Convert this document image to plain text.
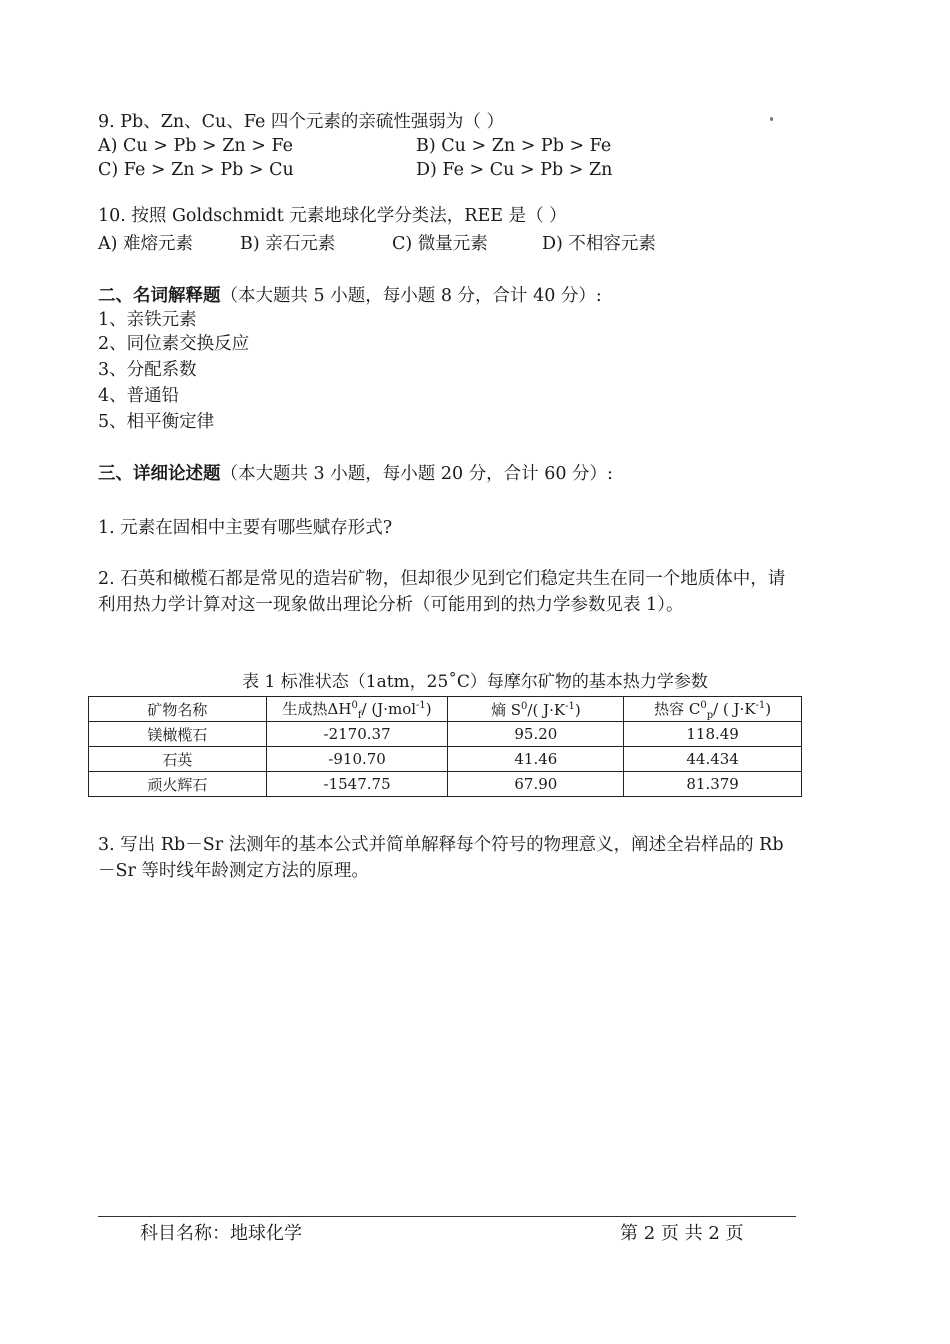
9. Pb、Zn、Cu、Fe 四个元素的亲硫性强弱为（ ）
A) Cu > Pb > Zn > Fe	B) Cu > Zn > Pb > Fe
C) Fe > Zn > Pb > Cu	D) Fe > Cu > Pb > Zn
10. 按照 Goldschmidt 元素地球化学分类法，REE 是（ ）
A) 难熔元素	B) 亲石元素	C) 微量元素	D) 不相容元素
二、名词解释题（本大题共 5 小题，每小题 8 分，合计 40 分）:
1、亲铁元素
2、同位素交换反应
3、分配系数
4、普通铅
5、相平衡定律
三、详细论述题（本大题共 3 小题，每小题 20 分，合计 60 分）:
1. 元素在固相中主要有哪些赋存形式?
2. 石英和橄榄石都是常见的造岩矿物，但却很少见到它们稳定共生在同一个地质体中，请利用热力学计算对这一现象做出理论分析（可能用到的热力学参数见表 1）。
表 1 标准状态（1atm，25˚C）每摩尔矿物的基本热力学参数
矿物名称	生成热$\Delta H^0_f/$ (J·mol$^{-1}$)	熵 $S^0/$( $J\cdot K^{-1}$)	热容 $C^0_p/$ ( $J\cdot K^{-1}$)
镁橄榄石	-2170.37	95.20	118.49
石英	-910.70	41.46	44.434
顽火辉石	-1547.75	67.90	81.379
3. 写出 Rb－Sr 法测年的基本公式并简单解释每个符号的物理意义，阐述全岩样品的 Rb－Sr 等时线年龄测定方法的原理。
科目名称：地球化学	第 2 页 共 2 页
